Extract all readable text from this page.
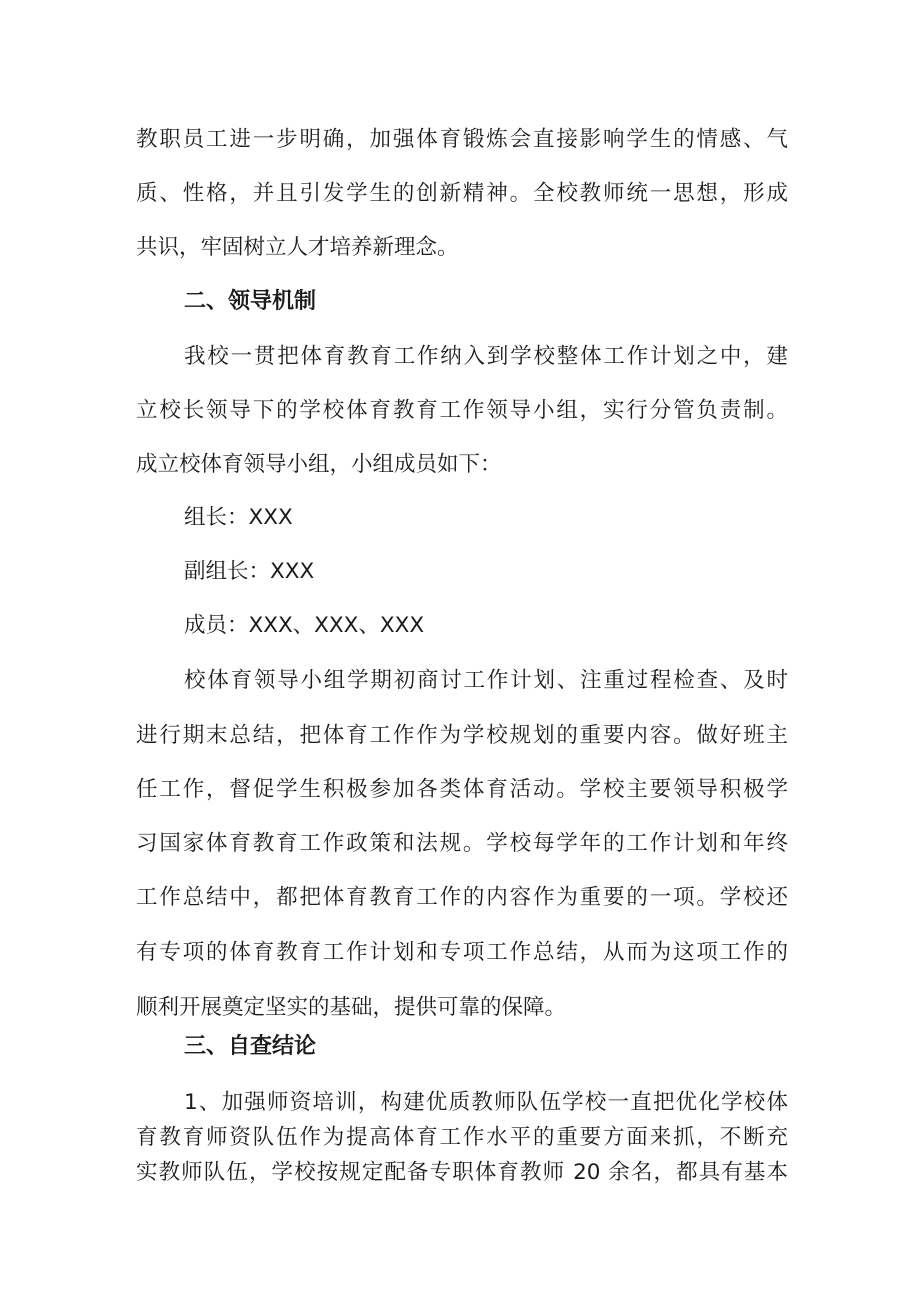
教职员工进一步明确，加强体育锻炼会直接影响学生的情感、气
质、性格，并且引发学生的创新精神。全校教师统一思想，形成
共识，牢固树立人才培养新理念。
二、领导机制
我校一贯把体育教育工作纳入到学校整体工作计划之中，建
立校长领导下的学校体育教育工作领导小组，实行分管负责制。
成立校体育领导小组，小组成员如下：
组长：XXX
副组长：XXX
成员：XXX、XXX、XXX
校体育领导小组学期初商讨工作计划、注重过程检查、及时
进行期末总结，把体育工作作为学校规划的重要内容。做好班主
任工作，督促学生积极参加各类体育活动。学校主要领导积极学
习国家体育教育工作政策和法规。学校每学年的工作计划和年终
工作总结中，都把体育教育工作的内容作为重要的一项。学校还
有专项的体育教育工作计划和专项工作总结，从而为这项工作的
顺利开展奠定坚实的基础，提供可靠的保障。
三、自查结论
1、加强师资培训，构建优质教师队伍学校一直把优化学校体
育教育师资队伍作为提高体育工作水平的重要方面来抓，不断充
实教师队伍，学校按规定配备专职体育教师 20 余名，都具有基本
